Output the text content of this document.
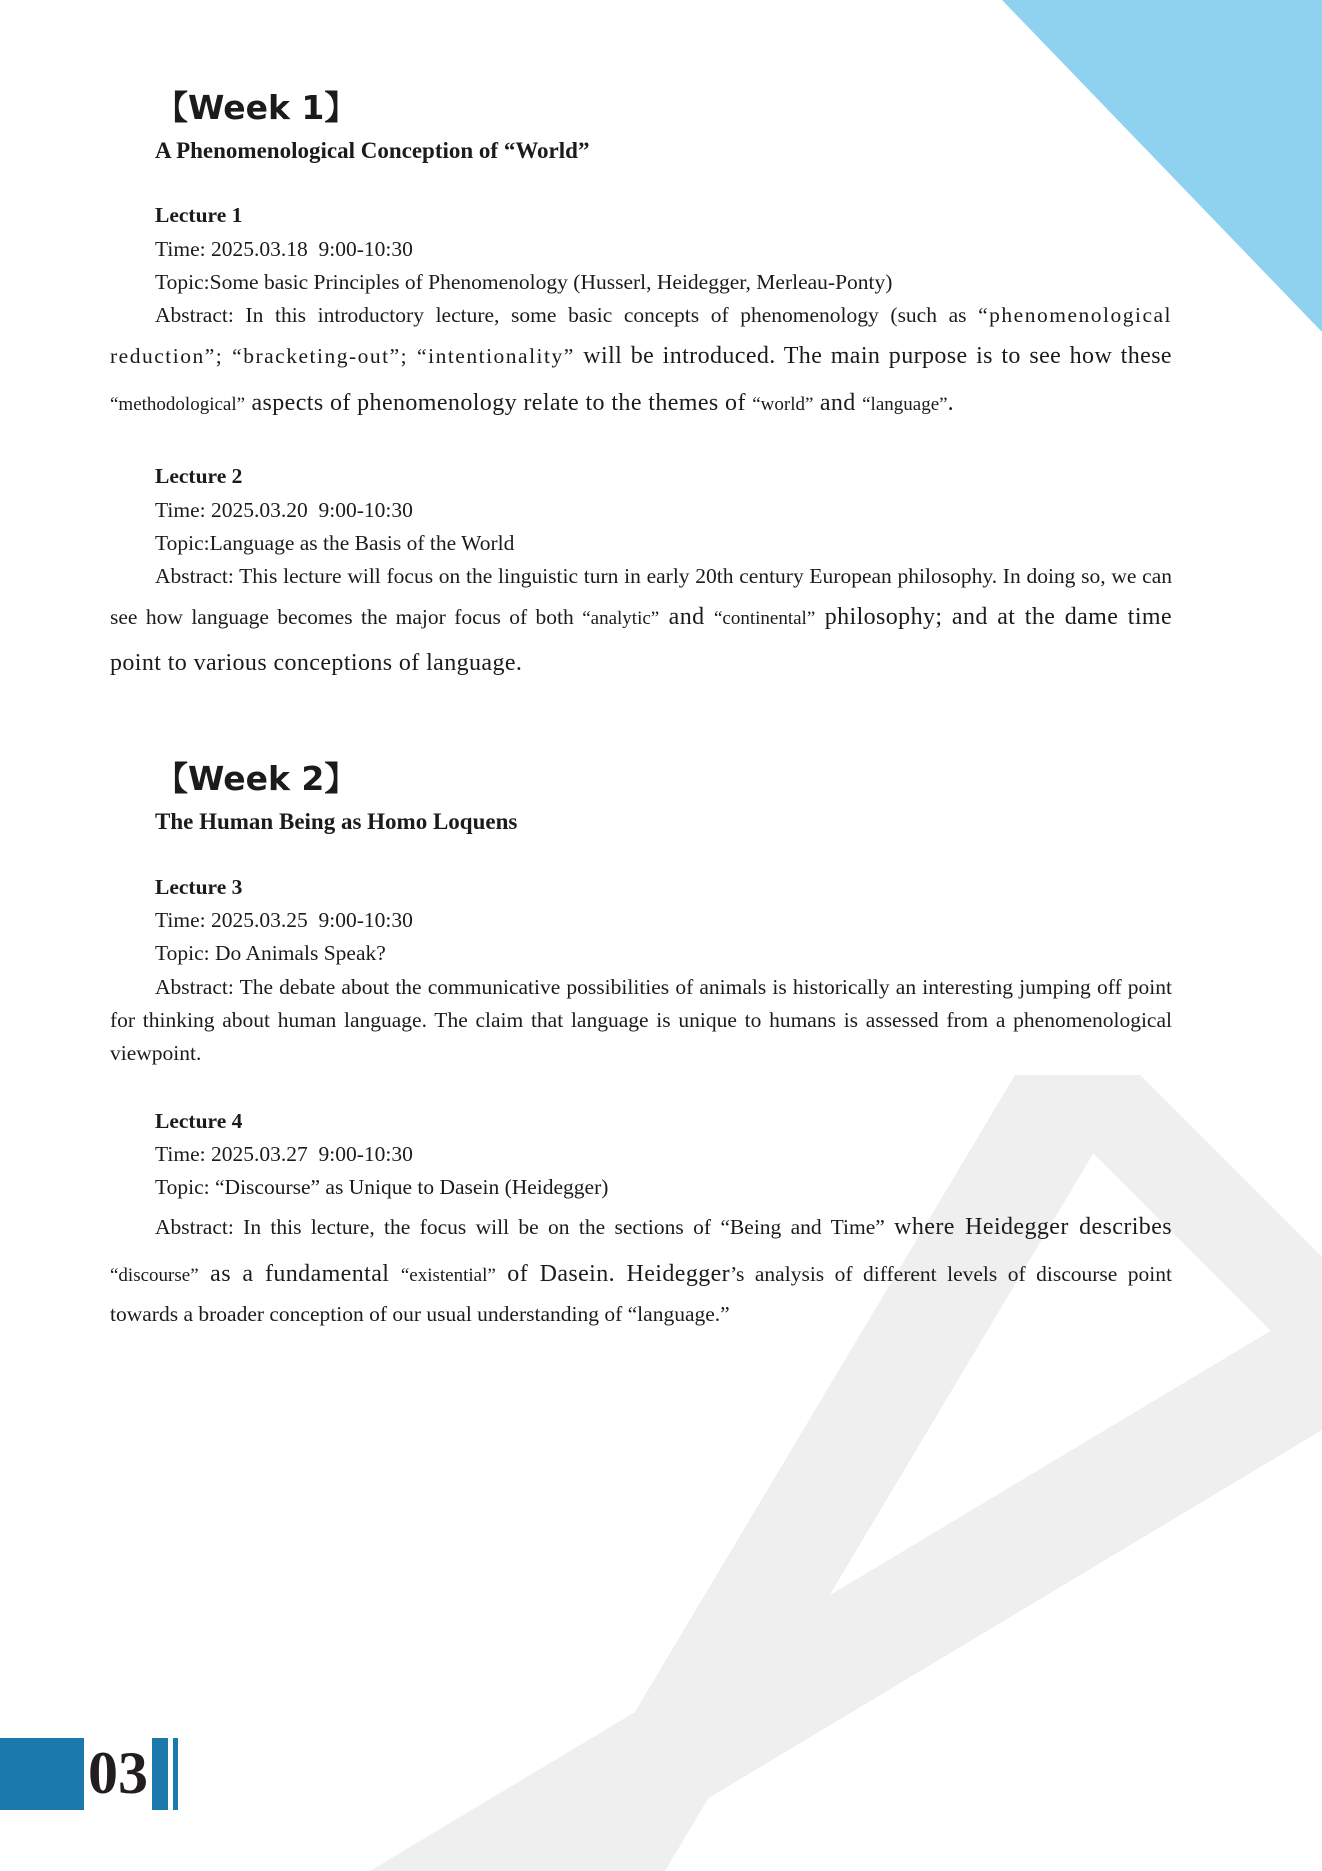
【Week 1】
A Phenomenological Conception of “World”

Lecture 1

Time: 2025.03.18  9:00-10:30

Topic:Some basic Principles of Phenomenology (Husserl, Heidegger, Merleau-Ponty)

Abstract: In this introductory lecture, some basic concepts of phenomenology (such as “phenomenological reduction”; “bracketing-out”; “intentionality” will be introduced. The main purpose is to see how these “methodological” aspects of phenomenology relate to the themes of “world” and “language”.

Lecture 2

Time: 2025.03.20  9:00-10:30

Topic:Language as the Basis of the World

Abstract: This lecture will focus on the linguistic turn in early 20th century European philosophy. In doing so, we can see how language becomes the major focus of both “analytic” and “continental” philosophy; and at the dame time point to various conceptions of language.

【Week 2】
The Human Being as Homo Loquens

Lecture 3

Time: 2025.03.25  9:00-10:30

Topic: Do Animals Speak?

Abstract: The debate about the communicative possibilities of animals is historically an interesting jumping off point for thinking about human language. The claim that language is unique to humans is assessed from a phenomenological viewpoint.

Lecture 4

Time: 2025.03.27  9:00-10:30

Topic: “Discourse” as Unique to Dasein (Heidegger)

Abstract: In this lecture, the focus will be on the sections of “Being and Time” where Heidegger describes “discourse” as a fundamental “existential” of Dasein. Heidegger’s analysis of different levels of discourse point towards a broader conception of our usual understanding of “language.”

03
